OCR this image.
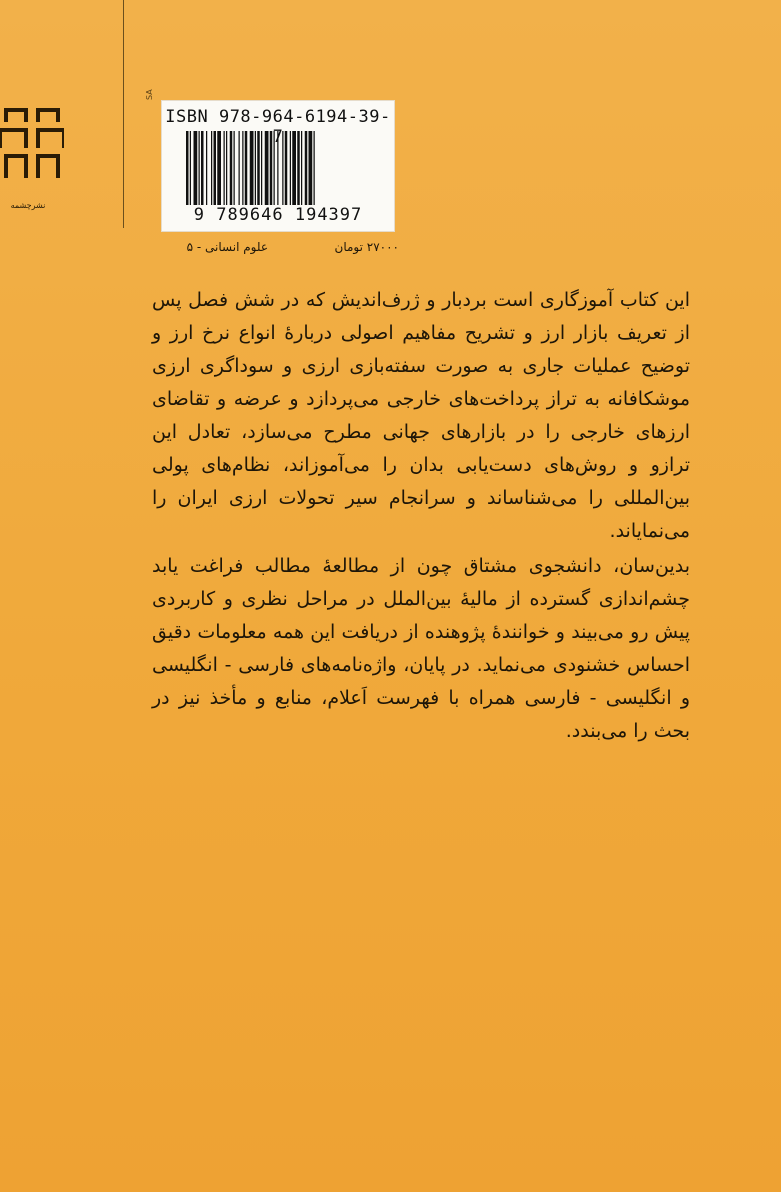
نشرچشمه
SA
ISBN 978-964-6194-39-7
9 789646 194397
۲۷۰۰۰ تومان
علوم انسانی - ۵

این کتاب آموزگاری است بردبار و ژرف‌اندیش که در شش فصل پس از تعریف بازار ارز و تشریح مفاهیم اصولی دربارهٔ انواع نرخ ارز و توضیح عملیات جاری به صورت سفته‌بازی ارزی و سوداگری ارزی موشکافانه به تراز پرداخت‌های خارجی می‌پردازد و عرضه و تقاضای ارزهای خارجی را در بازارهای جهانی مطرح می‌سازد، تعادل این ترازو و روش‌های دست‌یابی بدان را می‌آموزاند، نظام‌های پولی بین‌المللی را می‌شناساند و سرانجام سیر تحولات ارزی ایران را می‌نمایاند.

بدین‌سان، دانشجوی مشتاق چون از مطالعهٔ مطالب فراغت یابد چشم‌اندازی گسترده از مالیهٔ بین‌الملل در مراحل نظری و کاربردی پیش رو می‌بیند و خوانندهٔ پژوهنده از دریافت این همه معلومات دقیق احساس خشنودی می‌نماید. در پایان، واژه‌نامه‌های فارسی - انگلیسی و انگلیسی - فارسی همراه با فهرست اَعلام، منابع و مأخذ نیز در بحث را می‌بندد.
